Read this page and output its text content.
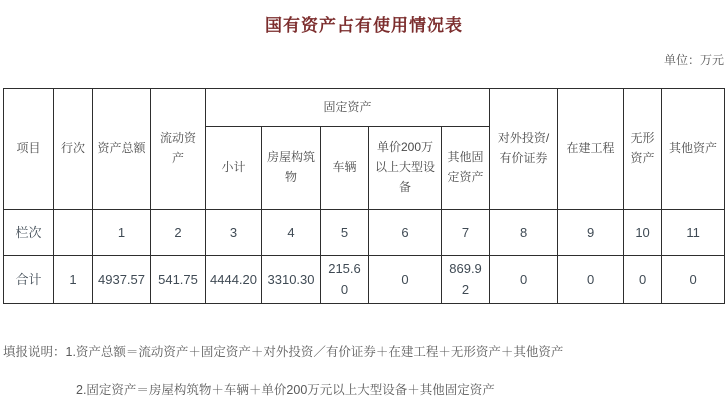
国有资产占有使用情况表
单位：万元
项目	行次	资产总额	流动资产	固定资产					对外投资/有价证券	在建工程	无形资产	其他资产
				小计	房屋构筑物	车辆	单价200万以上大型设备	其他固定资产				
栏次		1	2	3	4	5	6	7	8	9	10	11
合计	1	4937.57	541.75	4444.20	3310.30	215.60	0	869.92	0	0	0	0
填报说明：1.资产总额＝流动资产＋固定资产＋对外投资／有价证券＋在建工程＋无形资产＋其他资产
2.固定资产＝房屋构筑物＋车辆＋单价200万元以上大型设备＋其他固定资产
